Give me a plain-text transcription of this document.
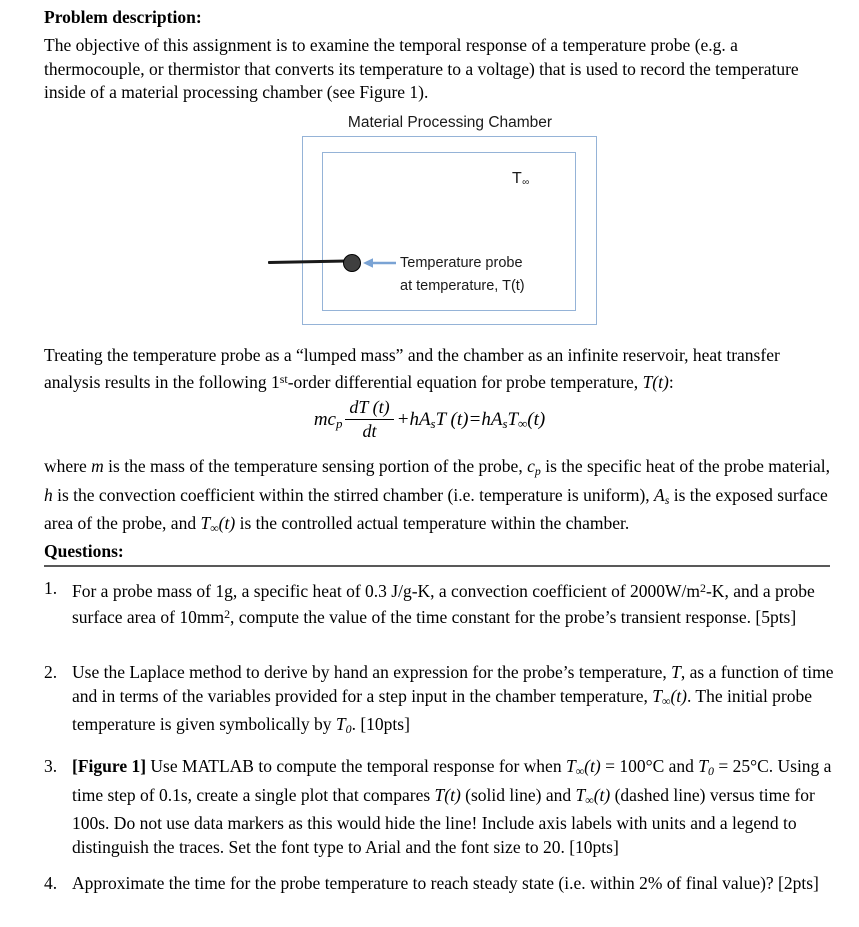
Problem description:
The objective of this assignment is to examine the temporal response of a temperature probe (e.g. a thermocouple, or thermistor that converts its temperature to a voltage) that is used to record the temperature inside of a material processing chamber (see Figure 1).
Material Processing Chamber
T∞
Temperature probe
at temperature, T(t)
Treating the temperature probe as a “lumped mass” and the chamber as an infinite reservoir, heat transfer analysis results in the following 1st-order differential equation for probe temperature, T(t):
$mc_p \frac{dT (t)}{dt} +hA_sT$ $(t)=hA_sT_\infty(t)$
where m is the mass of the temperature sensing portion of the probe, $c_p$ is the specific heat of the probe material, h is the convection coefficient within the stirred chamber (i.e. temperature is uniform), $A_s$ is the exposed surface area of the probe, and $T_\infty(t)$ is the controlled actual temperature within the chamber.
Questions:
1. For a probe mass of 1g, a specific heat of 0.3 J/g-K, a convection coefficient of $2000W/m^2-K$, and a probe surface area of $10mm^2$, compute the value of the time constant for the probe’s transient response. [5pts]
2. Use the Laplace method to derive by hand an expression for the probe’s temperature, T, as a function of time and in terms of the variables provided for a step input in the chamber temperature, $T_\infty(t)$. The initial probe temperature is given symbolically by $T_0$. [10pts]
3. [Figure 1] Use MATLAB to compute the temporal response for when $T_\infty(t) = 100^\circ C$ and $T_0 = 25^\circ C$. Using a time step of 0.1s, create a single plot that compares T(t) (solid line) and $T_\infty(t)$ (dashed line) versus time for 100s. Do not use data markers as this would hide the line! Include axis labels with units and a legend to distinguish the traces. Set the font type to Arial and the font size to 20. [10pts]
4. Approximate the time for the probe temperature to reach steady state (i.e. within 2% of final value)? [2pts]
